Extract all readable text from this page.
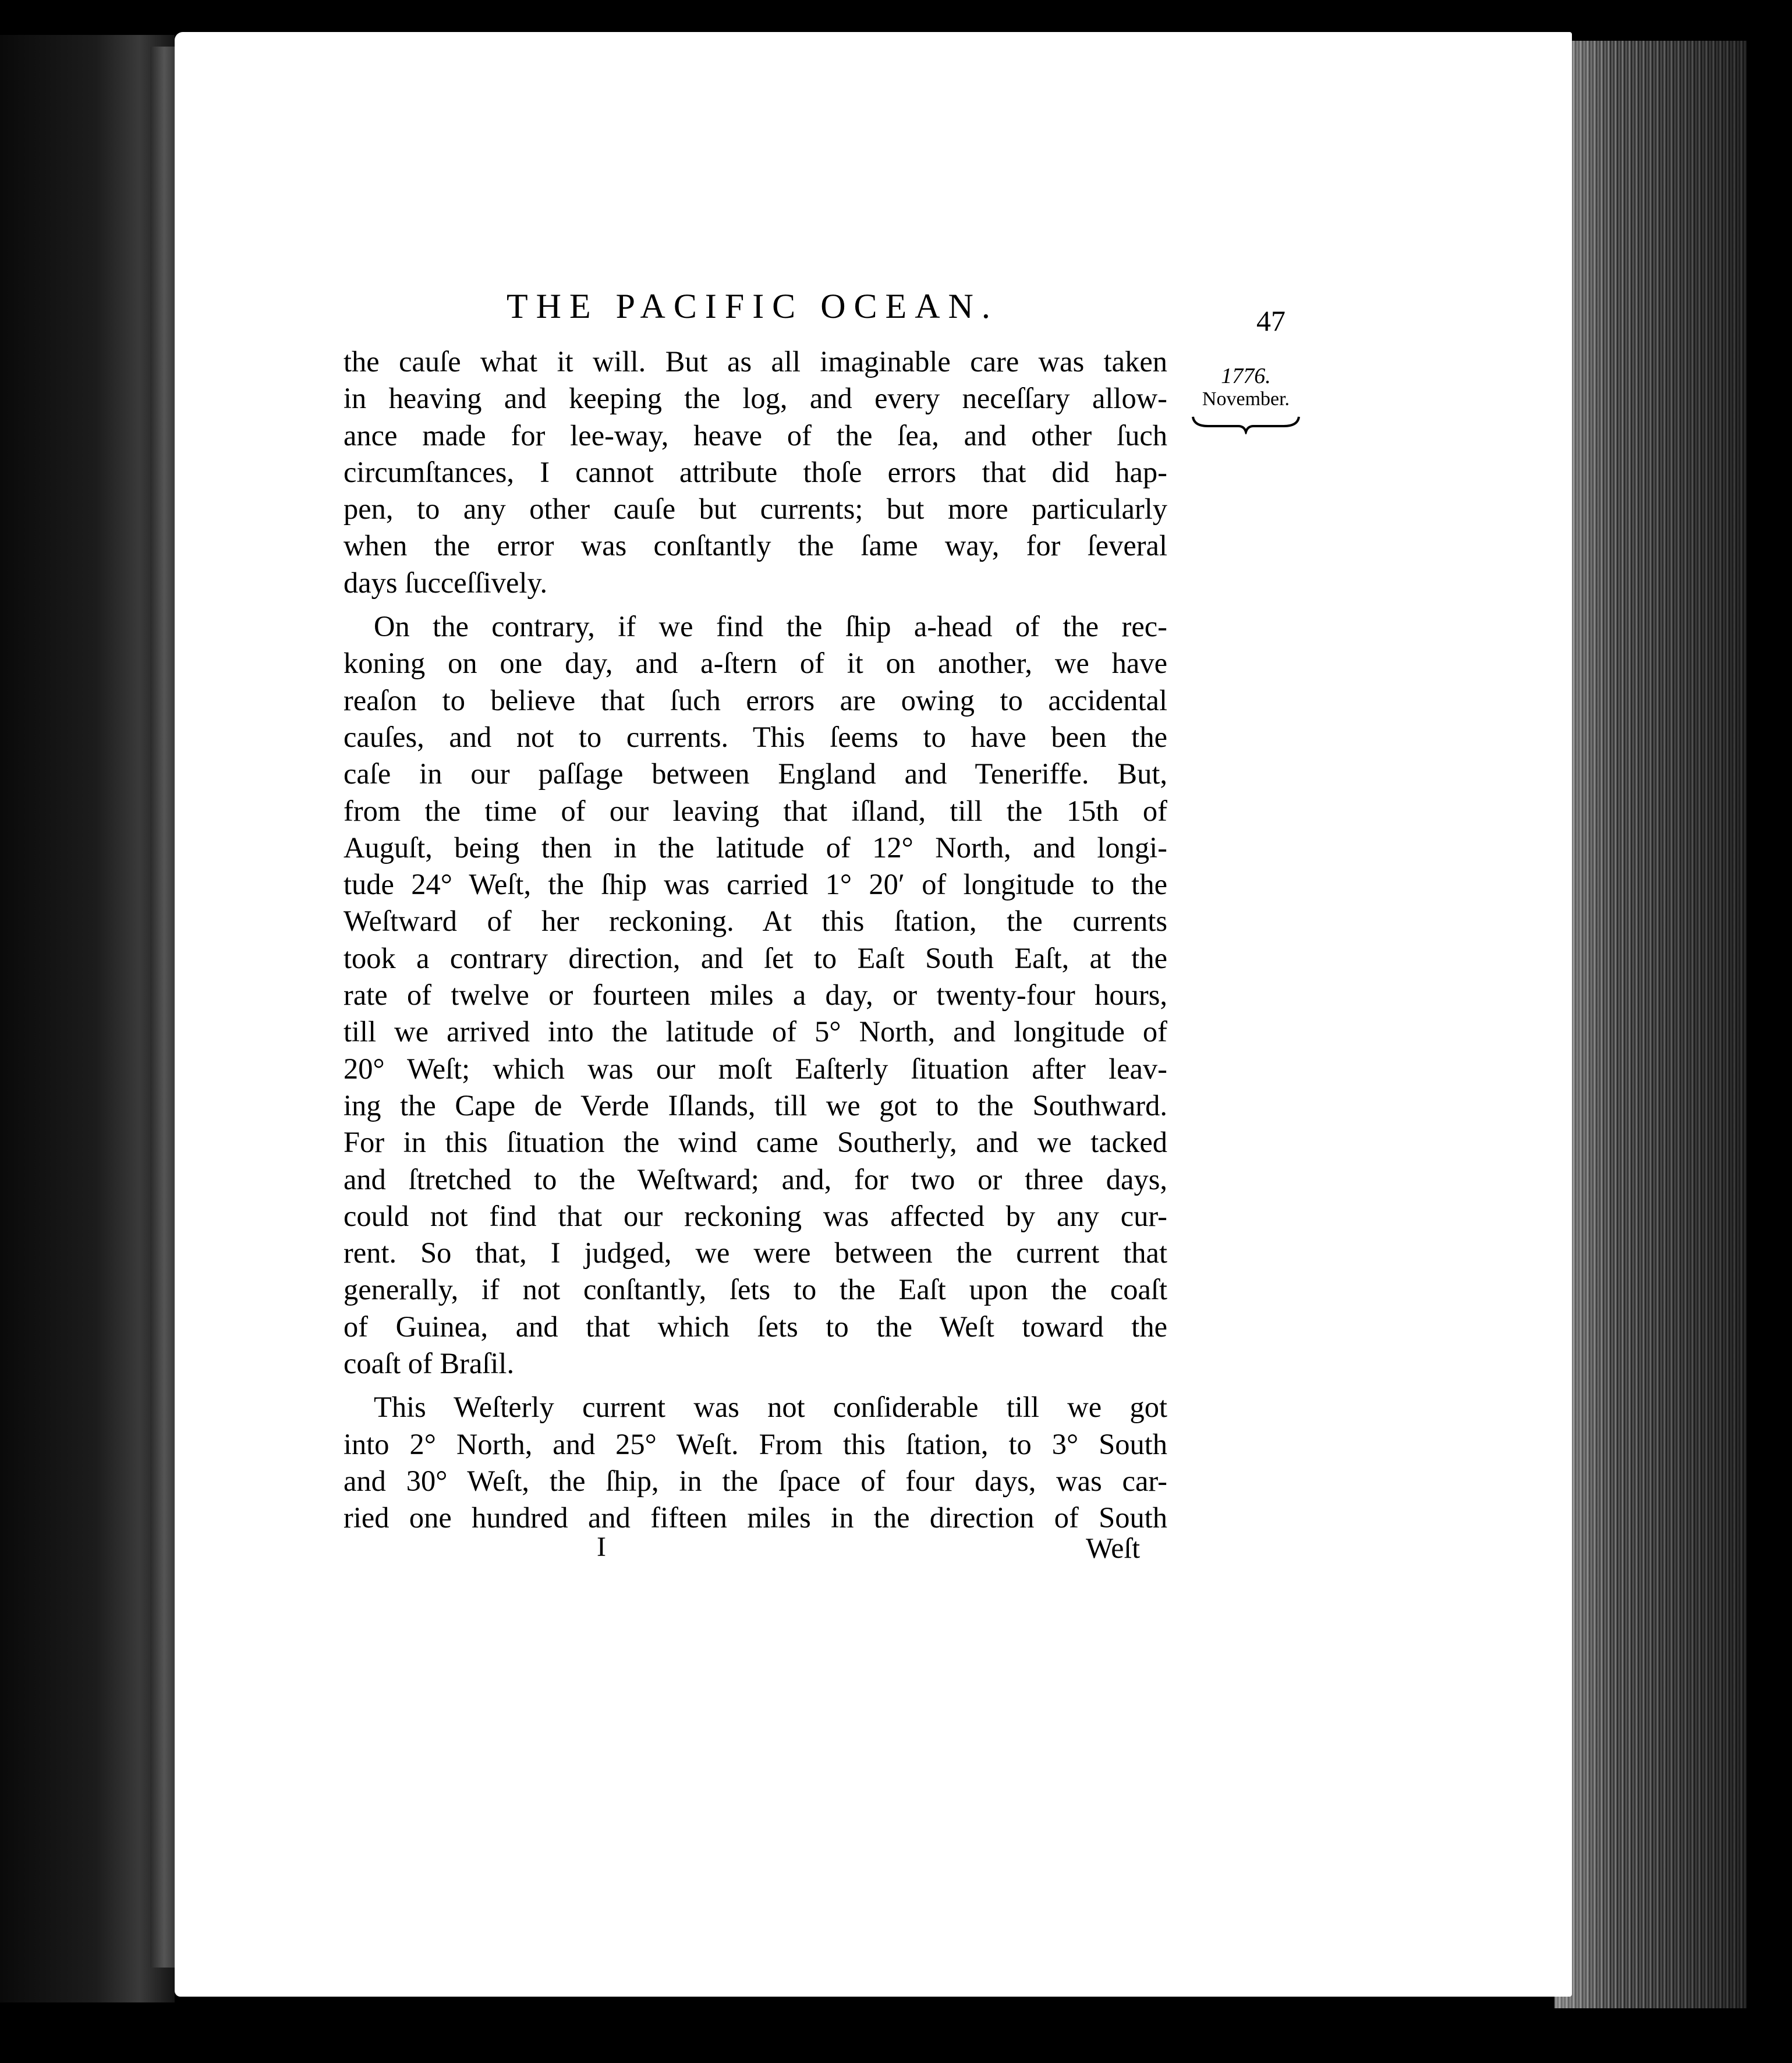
THE PACIFIC OCEAN.	47
1776.
November.
the cauſe what it will. But as all imaginable care was taken
in heaving and keeping the log, and every neceſſary allow-
ance made for lee-way, heave of the ſea, and other ſuch
circumſtances, I cannot attribute thoſe errors that did hap-
pen, to any other cauſe but currents; but more particularly
when the error was conſtantly the ſame way, for ſeveral
days ſucceſſively.
On the contrary, if we find the ſhip a-head of the rec-
koning on one day, and a-ſtern of it on another, we have
reaſon to believe that ſuch errors are owing to accidental
cauſes, and not to currents. This ſeems to have been the
caſe in our paſſage between England and Teneriffe. But,
from the time of our leaving that iſland, till the 15th of
Auguſt, being then in the latitude of 12° North, and longi-
tude 24° Weſt, the ſhip was carried 1° 20′ of longitude to the
Weſtward of her reckoning. At this ſtation, the currents
took a contrary direction, and ſet to Eaſt South Eaſt, at the
rate of twelve or fourteen miles a day, or twenty-four hours,
till we arrived into the latitude of 5° North, and longitude of
20° Weſt; which was our moſt Eaſterly ſituation after leav-
ing the Cape de Verde Iſlands, till we got to the Southward.
For in this ſituation the wind came Southerly, and we tacked
and ſtretched to the Weſtward; and, for two or three days,
could not find that our reckoning was affected by any cur-
rent. So that, I judged, we were between the current that
generally, if not conſtantly, ſets to the Eaſt upon the coaſt
of Guinea, and that which ſets to the Weſt toward the
coaſt of Braſil.
This Weſterly current was not conſiderable till we got
into 2° North, and 25° Weſt. From this ſtation, to 3° South
and 30° Weſt, the ſhip, in the ſpace of four days, was car-
ried one hundred and fifteen miles in the direction of South
I	Weſt
